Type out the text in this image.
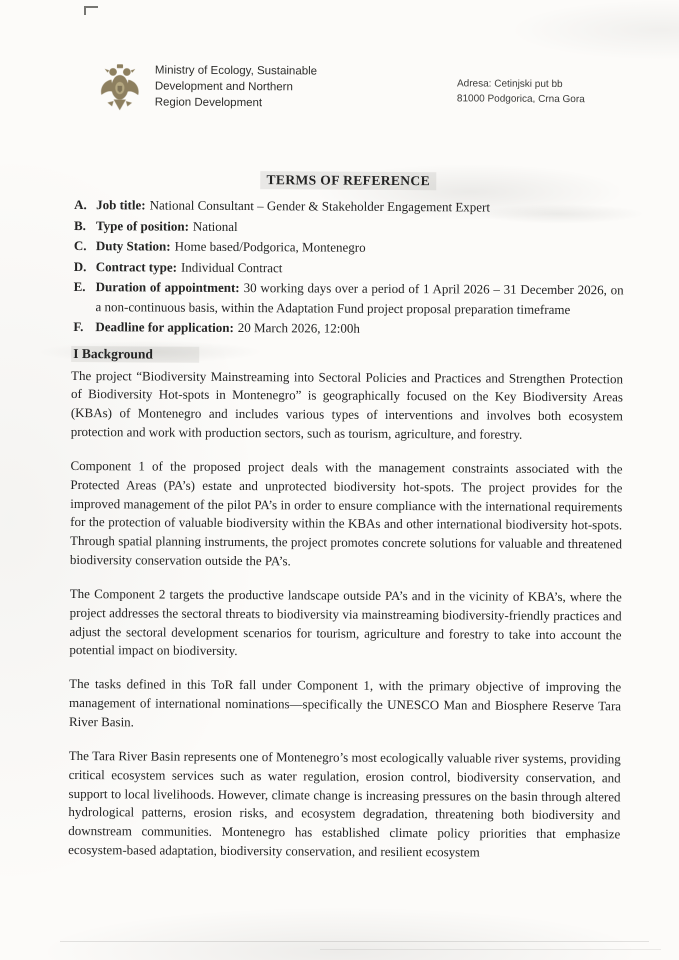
Ministry of Ecology, Sustainable
Development and Northern
Region Development
Adresa: Cetinjski put bb
81000 Podgorica, Crna Gora
TERMS OF REFERENCE
A. Job title: National Consultant – Gender & Stakeholder Engagement Expert
B. Type of position: National
C. Duty Station: Home based/Podgorica, Montenegro
D. Contract type: Individual Contract
E. Duration of appointment: 30 working days over a period of 1 April 2026 – 31 December 2026, on a non-continuous basis, within the Adaptation Fund project proposal preparation timeframe
F. Deadline for application: 20 March 2026, 12:00h
I Background

The project “Biodiversity Mainstreaming into Sectoral Policies and Practices and Strengthen Protection of Biodiversity Hot-spots in Montenegro” is geographically focused on the Key Biodiversity Areas (KBAs) of Montenegro and includes various types of interventions and involves both ecosystem protection and work with production sectors, such as tourism, agriculture, and forestry.

Component 1 of the proposed project deals with the management constraints associated with the Protected Areas (PA’s) estate and unprotected biodiversity hot-spots. The project provides for the improved management of the pilot PA’s in order to ensure compliance with the international requirements for the protection of valuable biodiversity within the KBAs and other international biodiversity hot-spots. Through spatial planning instruments, the project promotes concrete solutions for valuable and threatened biodiversity conservation outside the PA’s.

The Component 2 targets the productive landscape outside PA’s and in the vicinity of KBA’s, where the project addresses the sectoral threats to biodiversity via mainstreaming biodiversity-friendly practices and adjust the sectoral development scenarios for tourism, agriculture and forestry to take into account the potential impact on biodiversity.

The tasks defined in this ToR fall under Component 1, with the primary objective of improving the management of international nominations—specifically the UNESCO Man and Biosphere Reserve Tara River Basin.

The Tara River Basin represents one of Montenegro’s most ecologically valuable river systems, providing critical ecosystem services such as water regulation, erosion control, biodiversity conservation, and support to local livelihoods. However, climate change is increasing pressures on the basin through altered hydrological patterns, erosion risks, and ecosystem degradation, threatening both biodiversity and downstream communities. Montenegro has established climate policy priorities that emphasize ecosystem-based adaptation, biodiversity conservation, and resilient ecosystem
